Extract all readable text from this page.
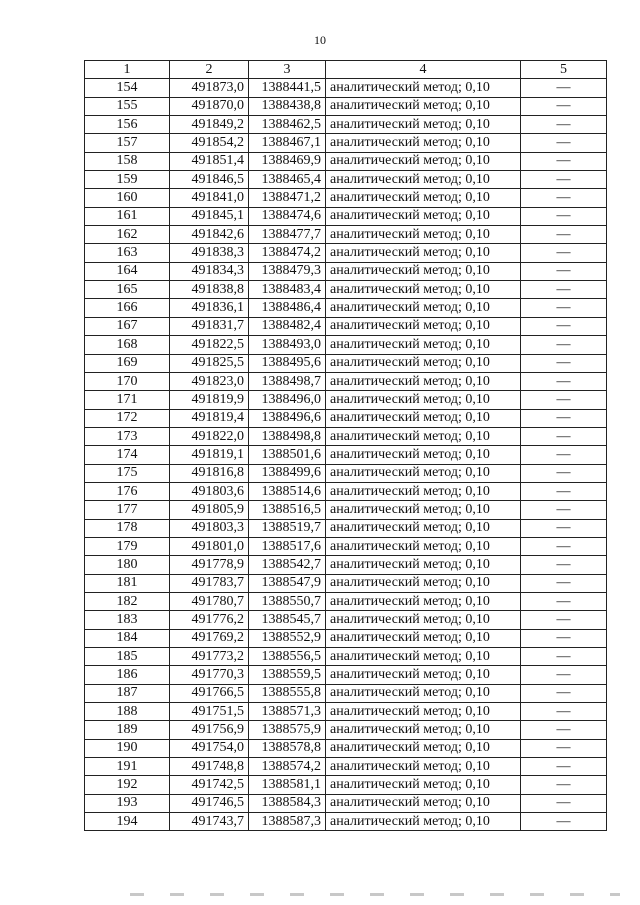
10
1	2	3	4	5
154	491873,0	1388441,5	аналитический метод; 0,10	—
155	491870,0	1388438,8	аналитический метод; 0,10	—
156	491849,2	1388462,5	аналитический метод; 0,10	—
157	491854,2	1388467,1	аналитический метод; 0,10	—
158	491851,4	1388469,9	аналитический метод; 0,10	—
159	491846,5	1388465,4	аналитический метод; 0,10	—
160	491841,0	1388471,2	аналитический метод; 0,10	—
161	491845,1	1388474,6	аналитический метод; 0,10	—
162	491842,6	1388477,7	аналитический метод; 0,10	—
163	491838,3	1388474,2	аналитический метод; 0,10	—
164	491834,3	1388479,3	аналитический метод; 0,10	—
165	491838,8	1388483,4	аналитический метод; 0,10	—
166	491836,1	1388486,4	аналитический метод; 0,10	—
167	491831,7	1388482,4	аналитический метод; 0,10	—
168	491822,5	1388493,0	аналитический метод; 0,10	—
169	491825,5	1388495,6	аналитический метод; 0,10	—
170	491823,0	1388498,7	аналитический метод; 0,10	—
171	491819,9	1388496,0	аналитический метод; 0,10	—
172	491819,4	1388496,6	аналитический метод; 0,10	—
173	491822,0	1388498,8	аналитический метод; 0,10	—
174	491819,1	1388501,6	аналитический метод; 0,10	—
175	491816,8	1388499,6	аналитический метод; 0,10	—
176	491803,6	1388514,6	аналитический метод; 0,10	—
177	491805,9	1388516,5	аналитический метод; 0,10	—
178	491803,3	1388519,7	аналитический метод; 0,10	—
179	491801,0	1388517,6	аналитический метод; 0,10	—
180	491778,9	1388542,7	аналитический метод; 0,10	—
181	491783,7	1388547,9	аналитический метод; 0,10	—
182	491780,7	1388550,7	аналитический метод; 0,10	—
183	491776,2	1388545,7	аналитический метод; 0,10	—
184	491769,2	1388552,9	аналитический метод; 0,10	—
185	491773,2	1388556,5	аналитический метод; 0,10	—
186	491770,3	1388559,5	аналитический метод; 0,10	—
187	491766,5	1388555,8	аналитический метод; 0,10	—
188	491751,5	1388571,3	аналитический метод; 0,10	—
189	491756,9	1388575,9	аналитический метод; 0,10	—
190	491754,0	1388578,8	аналитический метод; 0,10	—
191	491748,8	1388574,2	аналитический метод; 0,10	—
192	491742,5	1388581,1	аналитический метод; 0,10	—
193	491746,5	1388584,3	аналитический метод; 0,10	—
194	491743,7	1388587,3	аналитический метод; 0,10	—
